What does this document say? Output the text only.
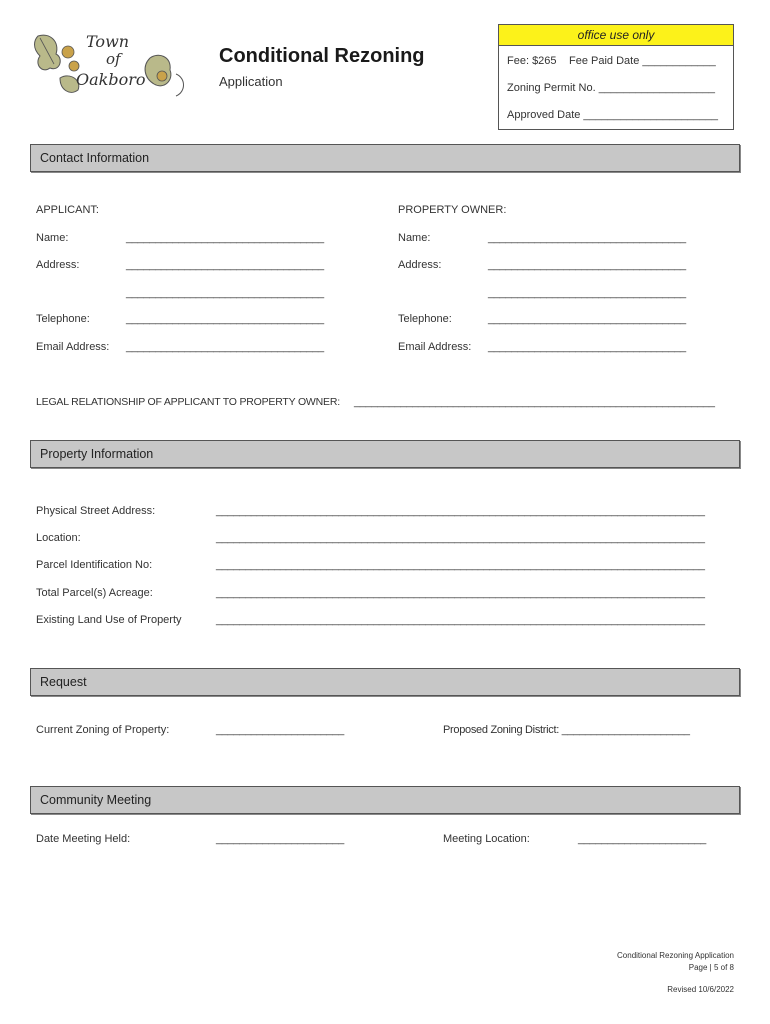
Town
of
Oakboro
Conditional Rezoning
Application
office use only
Fee: $265 Fee Paid Date ____________
Zoning Permit No. ___________________
Approved Date ______________________
Contact Information
APPLICANT:	PROPERTY OWNER:
Name:	__________________________________	Name:	__________________________________
Address:	__________________________________	Address:	__________________________________
__________________________________	__________________________________
Telephone:	__________________________________	Telephone:	__________________________________
Email Address: __________________________________	Email Address: __________________________________
LEGAL RELATIONSHIP OF APPLICANT TO PROPERTY OWNER: ______________________________________________________________
Property Information
Physical Street Address:	____________________________________________________________________________________
Location:	____________________________________________________________________________________
Parcel Identification No:	____________________________________________________________________________________
Total Parcel(s) Acreage:	____________________________________________________________________________________
Existing Land Use of Property	____________________________________________________________________________________
Request
Current Zoning of Property:	______________________	Proposed Zoning District: ______________________
Community Meeting
Date Meeting Held:	______________________	Meeting Location:	______________________
Conditional Rezoning Application
Page | 5 of 8
Revised 10/6/2022
